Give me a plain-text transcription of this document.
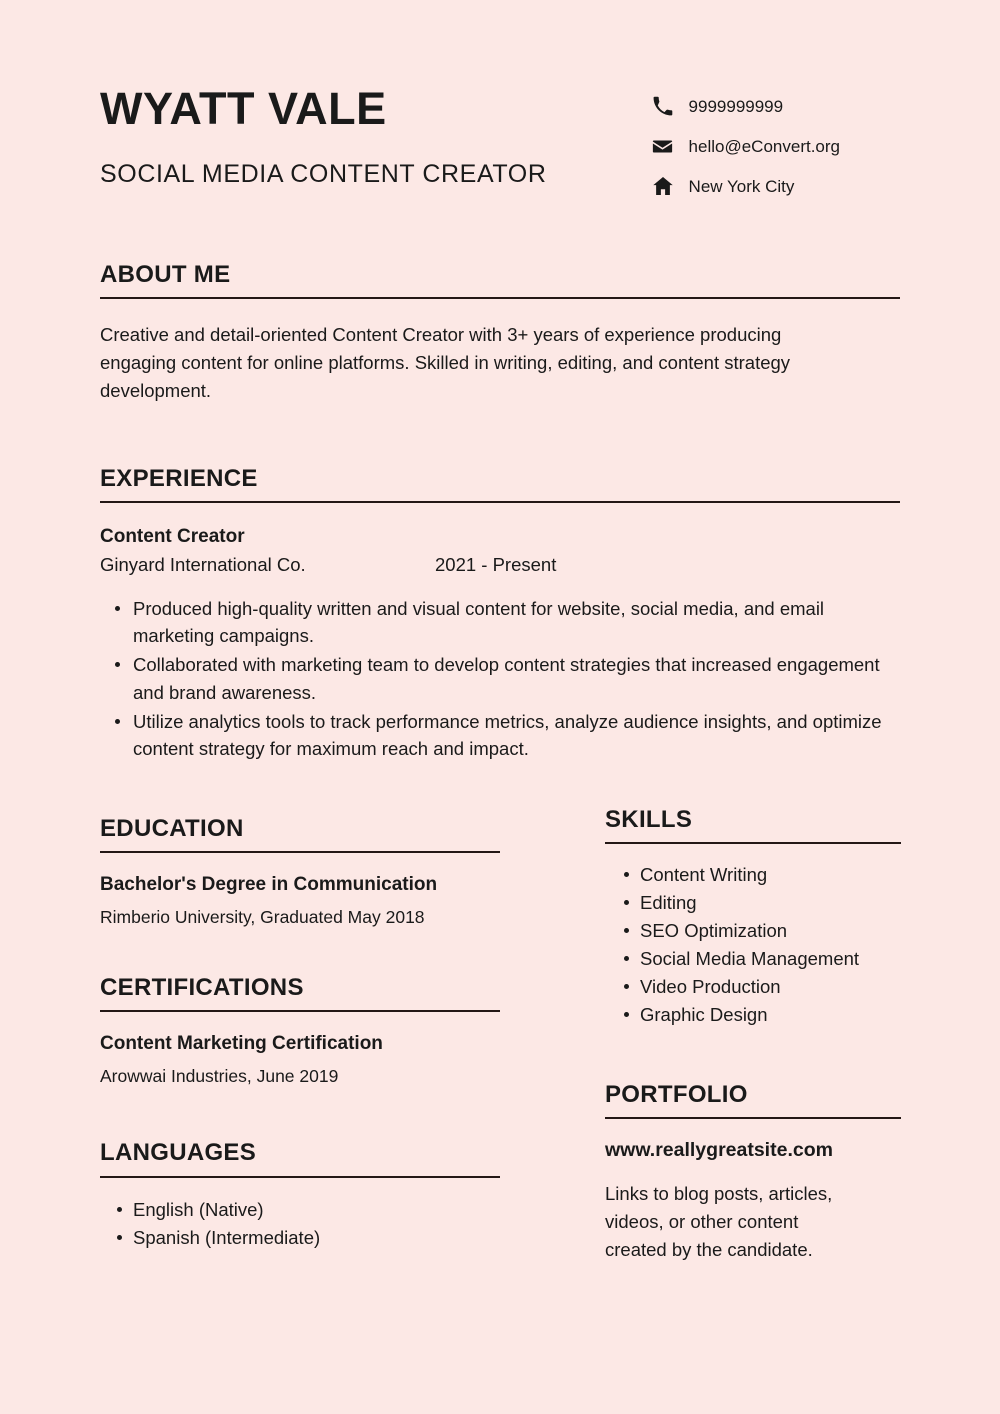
WYATT VALE
SOCIAL MEDIA CONTENT CREATOR
9999999999
hello@eConvert.org
New York City
ABOUT ME

Creative and detail-oriented Content Creator with 3+ years of experience producing engaging content for online platforms. Skilled in writing, editing, and content strategy development.

EXPERIENCE
Content Creator
Ginyard International Co.	2021 - Present
Produced high-quality written and visual content for website, social media, and email marketing campaigns.
Collaborated with marketing team to develop content strategies that increased engagement and brand awareness.
Utilize analytics tools to track performance metrics, analyze audience insights, and optimize content strategy for maximum reach and impact.
EDUCATION

Bachelor's Degree in Communication

Rimberio University, Graduated May 2018

CERTIFICATIONS

Content Marketing Certification

Arowwai Industries, June 2019

LANGUAGES
English (Native)
Spanish (Intermediate)
SKILLS
Content Writing
Editing
SEO Optimization
Social Media Management
Video Production
Graphic Design
PORTFOLIO

www.reallygreatsite.com

Links to blog posts, articles, videos, or other content created by the candidate.
